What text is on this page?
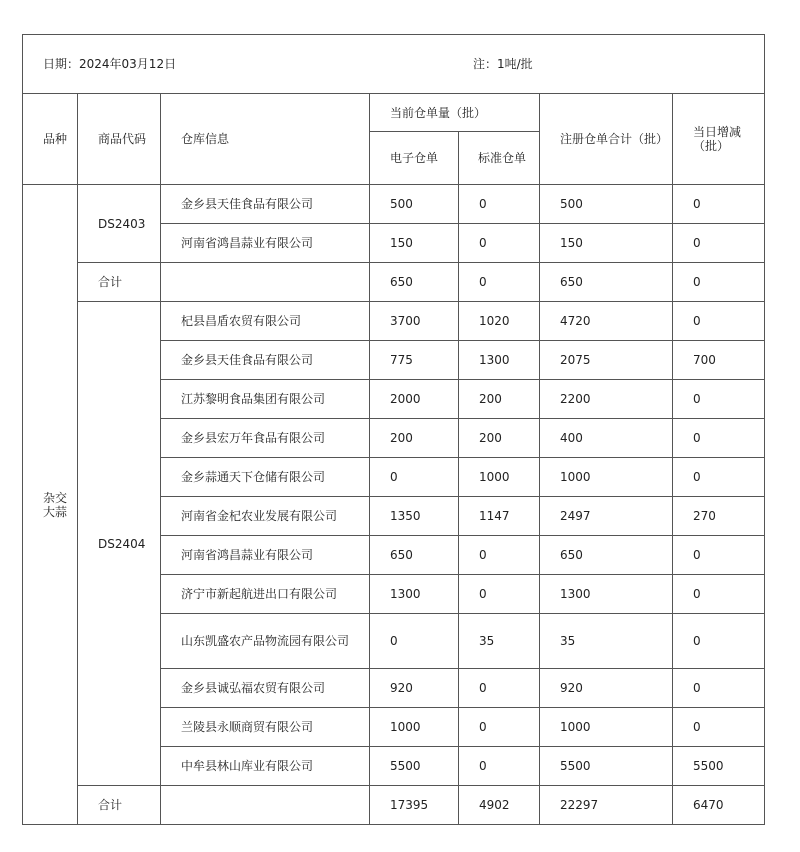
日期：2024年03月12日 注：1吨/批						

品种	商品代码	仓库信息	当前仓单量（批）		注册仓单合计（批）	当日增减（批）
			电子仓单	标准仓单		
杂交大蒜	DS2403	金乡县天佳食品有限公司	500	0	500	0
		河南省鸿昌蒜业有限公司	150	0	150	0
	合计		650	0	650	0
	DS2404	杞县昌盾农贸有限公司	3700	1020	4720	0
		金乡县天佳食品有限公司	775	1300	2075	700
		江苏黎明食品集团有限公司	2000	200	2200	0
		金乡县宏万年食品有限公司	200	200	400	0
		金乡蒜通天下仓储有限公司	0	1000	1000	0
		河南省金杞农业发展有限公司	1350	1147	2497	270
		河南省鸿昌蒜业有限公司	650	0	650	0
		济宁市新起航进出口有限公司	1300	0	1300	0
		山东凯盛农产品物流园有限公司	0	35	35	0
		金乡县诚弘福农贸有限公司	920	0	920	0
		兰陵县永顺商贸有限公司	1000	0	1000	0
		中牟县林山库业有限公司	5500	0	5500	5500
	合计		17395	4902	22297	6470
